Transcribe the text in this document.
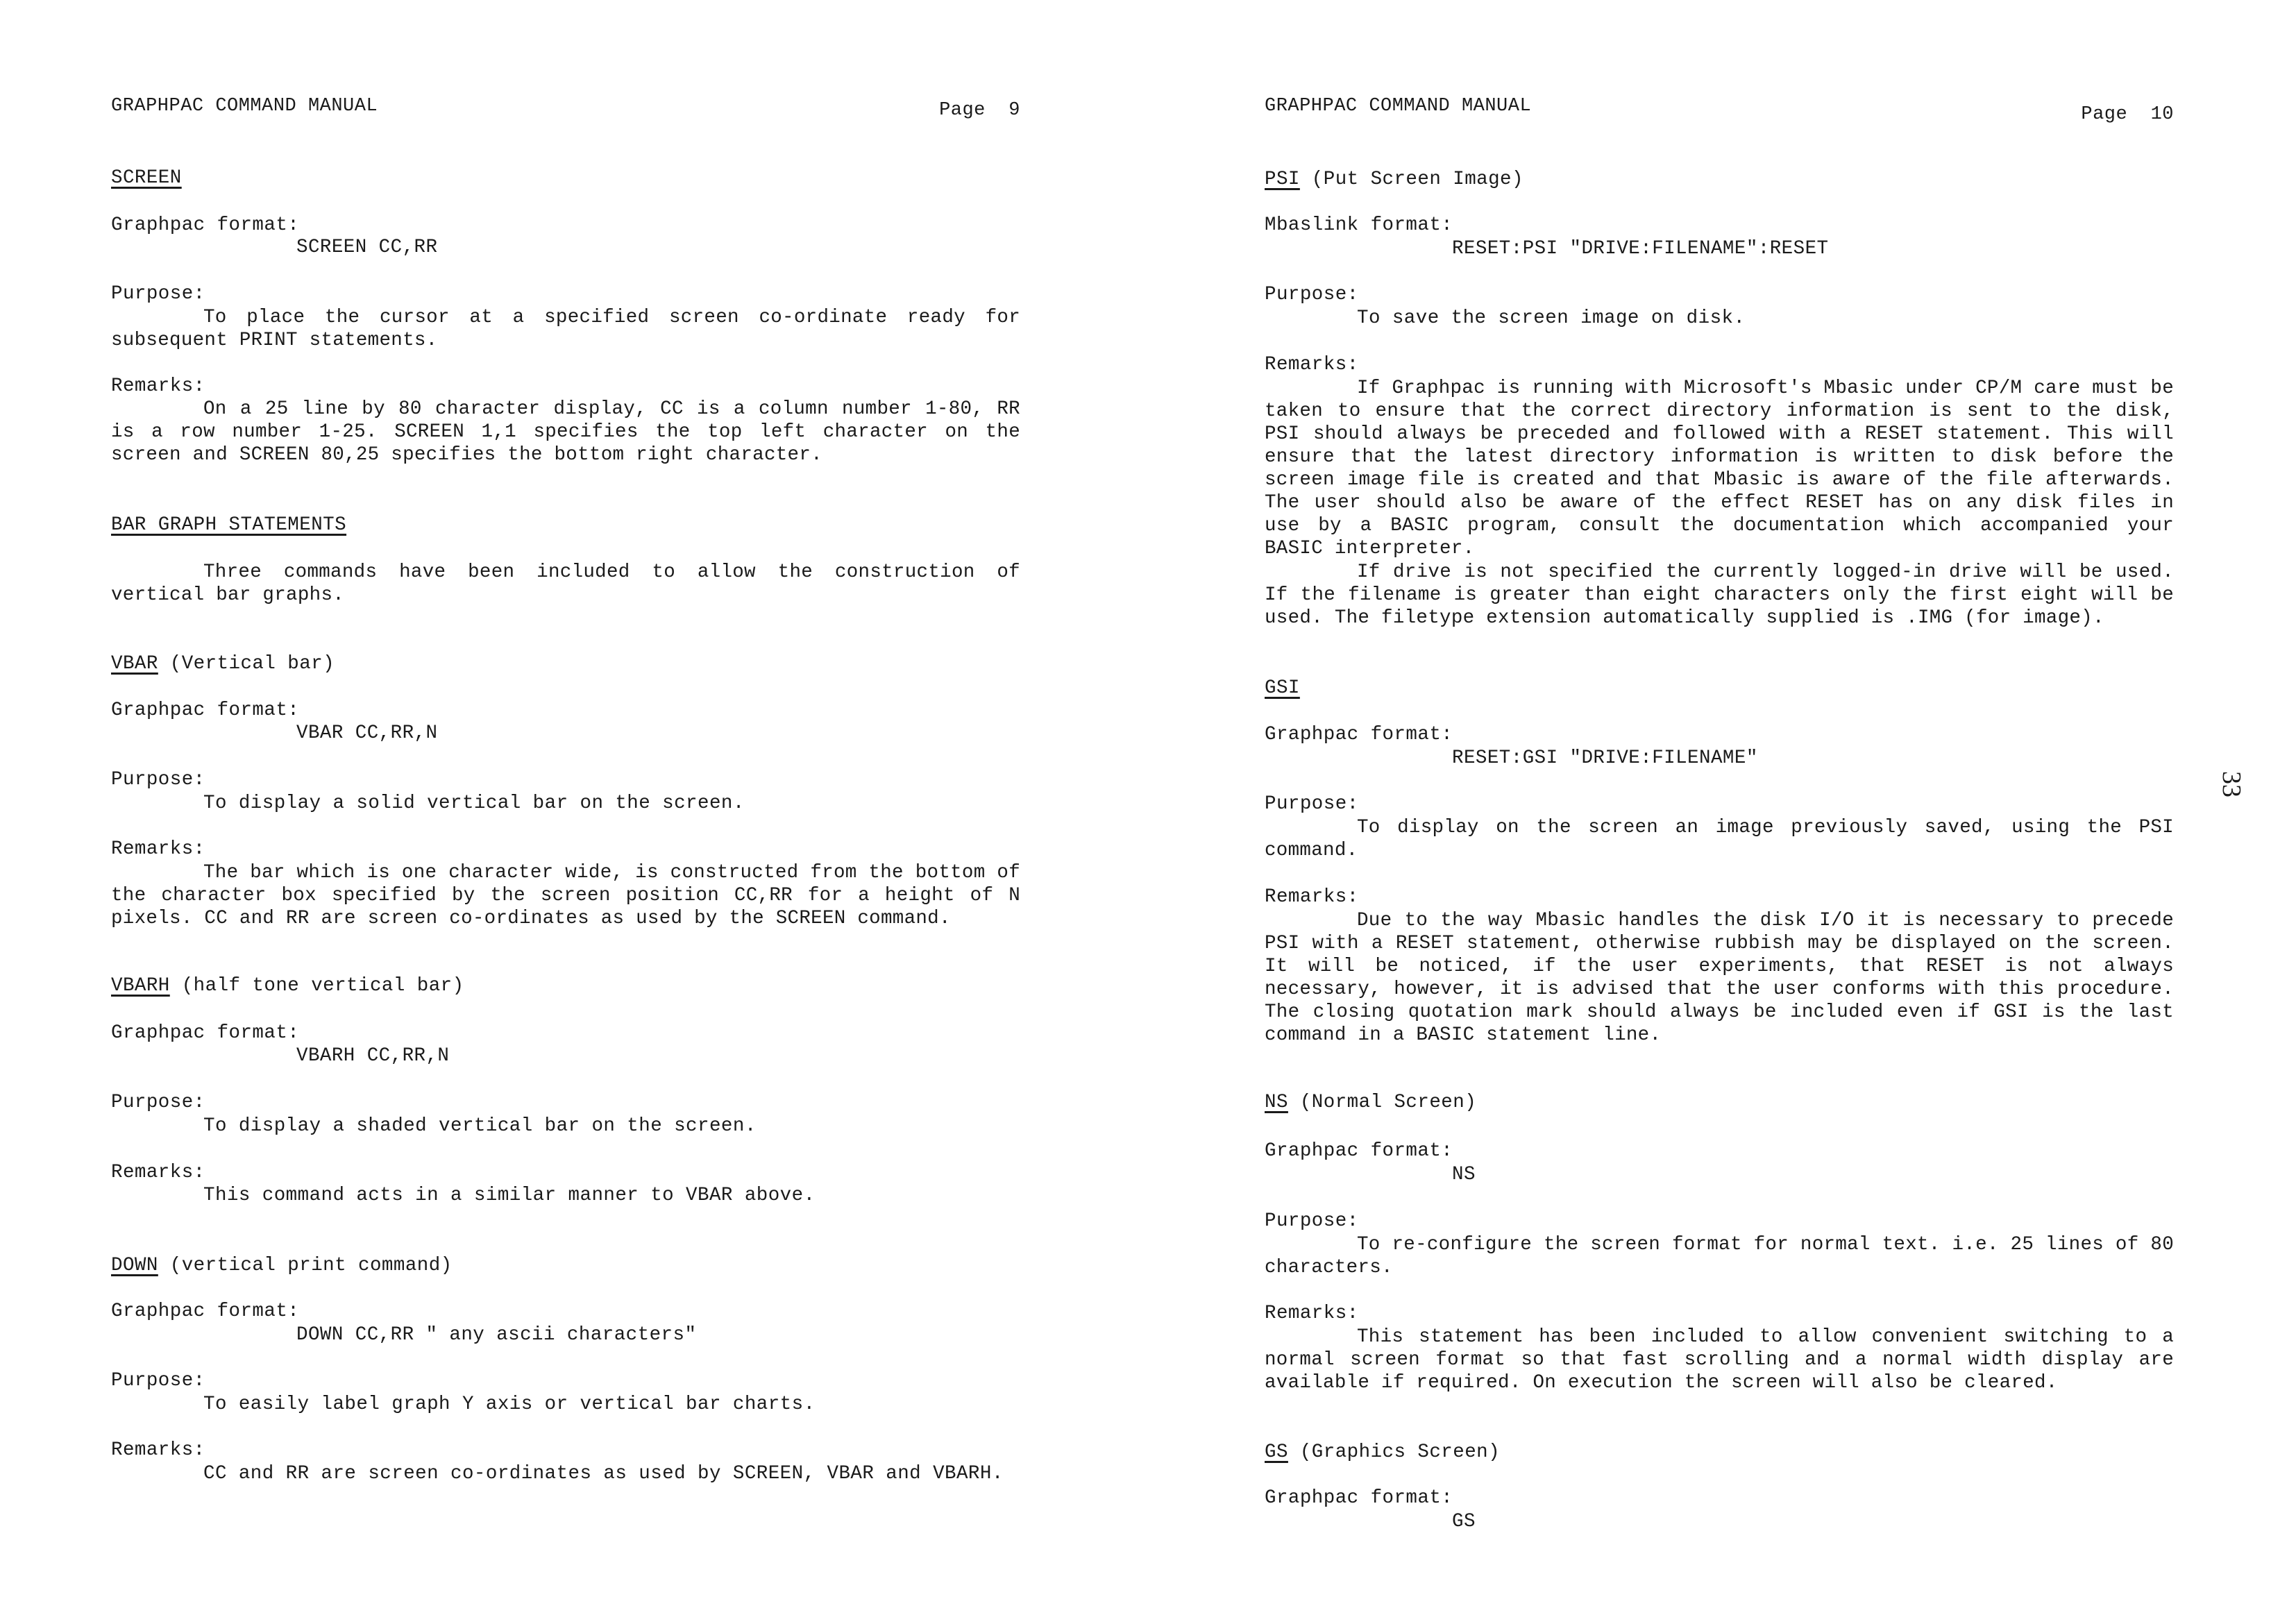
GRAPHPAC COMMAND MANUAL	Page  9
SCREEN
Graphpac format:
SCREEN CC,RR
Purpose:
To place the cursor at a specified screen co-ordinate ready for subsequent PRINT statements.
Remarks:
On a 25 line by 80 character display, CC is a column number 1-80, RR is a row number 1-25. SCREEN 1,1 specifies the top left character on the screen and SCREEN 80,25 specifies the bottom right character.
BAR GRAPH STATEMENTS
Three commands have been included to allow the construction of vertical bar graphs.
VBAR (Vertical bar)
Graphpac format:
VBAR CC,RR,N
Purpose:
To display a solid vertical bar on the screen.
Remarks:
The bar which is one character wide, is constructed from the bottom of the character box specified by the screen position CC,RR for a height of N pixels. CC and RR are screen co-ordinates as used by the SCREEN command.
VBARH (half tone vertical bar)
Graphpac format:
VBARH CC,RR,N
Purpose:
To display a shaded vertical bar on the screen.
Remarks:
This command acts in a similar manner to VBAR above.
DOWN (vertical print command)
Graphpac format:
DOWN CC,RR " any ascii characters"
Purpose:
To easily label graph Y axis or vertical bar charts.
Remarks:
CC and RR are screen co-ordinates as used by SCREEN, VBAR and VBARH.
GRAPHPAC COMMAND MANUAL	Page  10
PSI (Put Screen Image)
Mbaslink format:
RESET:PSI "DRIVE:FILENAME":RESET
Purpose:
To save the screen image on disk.
Remarks:
If Graphpac is running with Microsoft's Mbasic under CP/M care must be taken to ensure that the correct directory information is sent to the disk, PSI should always be preceded and followed with a RESET statement. This will ensure that the latest directory information is written to disk before the screen image file is created and that Mbasic is aware of the file afterwards. The user should also be aware of the effect RESET has on any disk files in use by a BASIC program, consult the documentation which accompanied your BASIC interpreter.
If drive is not specified the currently logged-in drive will be used. If the filename is greater than eight characters only the first eight will be used. The filetype extension automatically supplied is .IMG (for image).
GSI
Graphpac format:
RESET:GSI "DRIVE:FILENAME"
Purpose:
To display on the screen an image previously saved, using the PSI command.
Remarks:
Due to the way Mbasic handles the disk I/O it is necessary to precede PSI with a RESET statement, otherwise rubbish may be displayed on the screen. It will be noticed, if the user experiments, that RESET is not always necessary, however, it is advised that the user conforms with this procedure. The closing quotation mark should always be included even if GSI is the last command in a BASIC statement line.
NS (Normal Screen)
Graphpac format:
NS
Purpose:
To re-configure the screen format for normal text. i.e. 25 lines of 80 characters.
Remarks:
This statement has been included to allow convenient switching to a normal screen format so that fast scrolling and a normal width display are available if required. On execution the screen will also be cleared.
GS (Graphics Screen)
Graphpac format:
GS
33
